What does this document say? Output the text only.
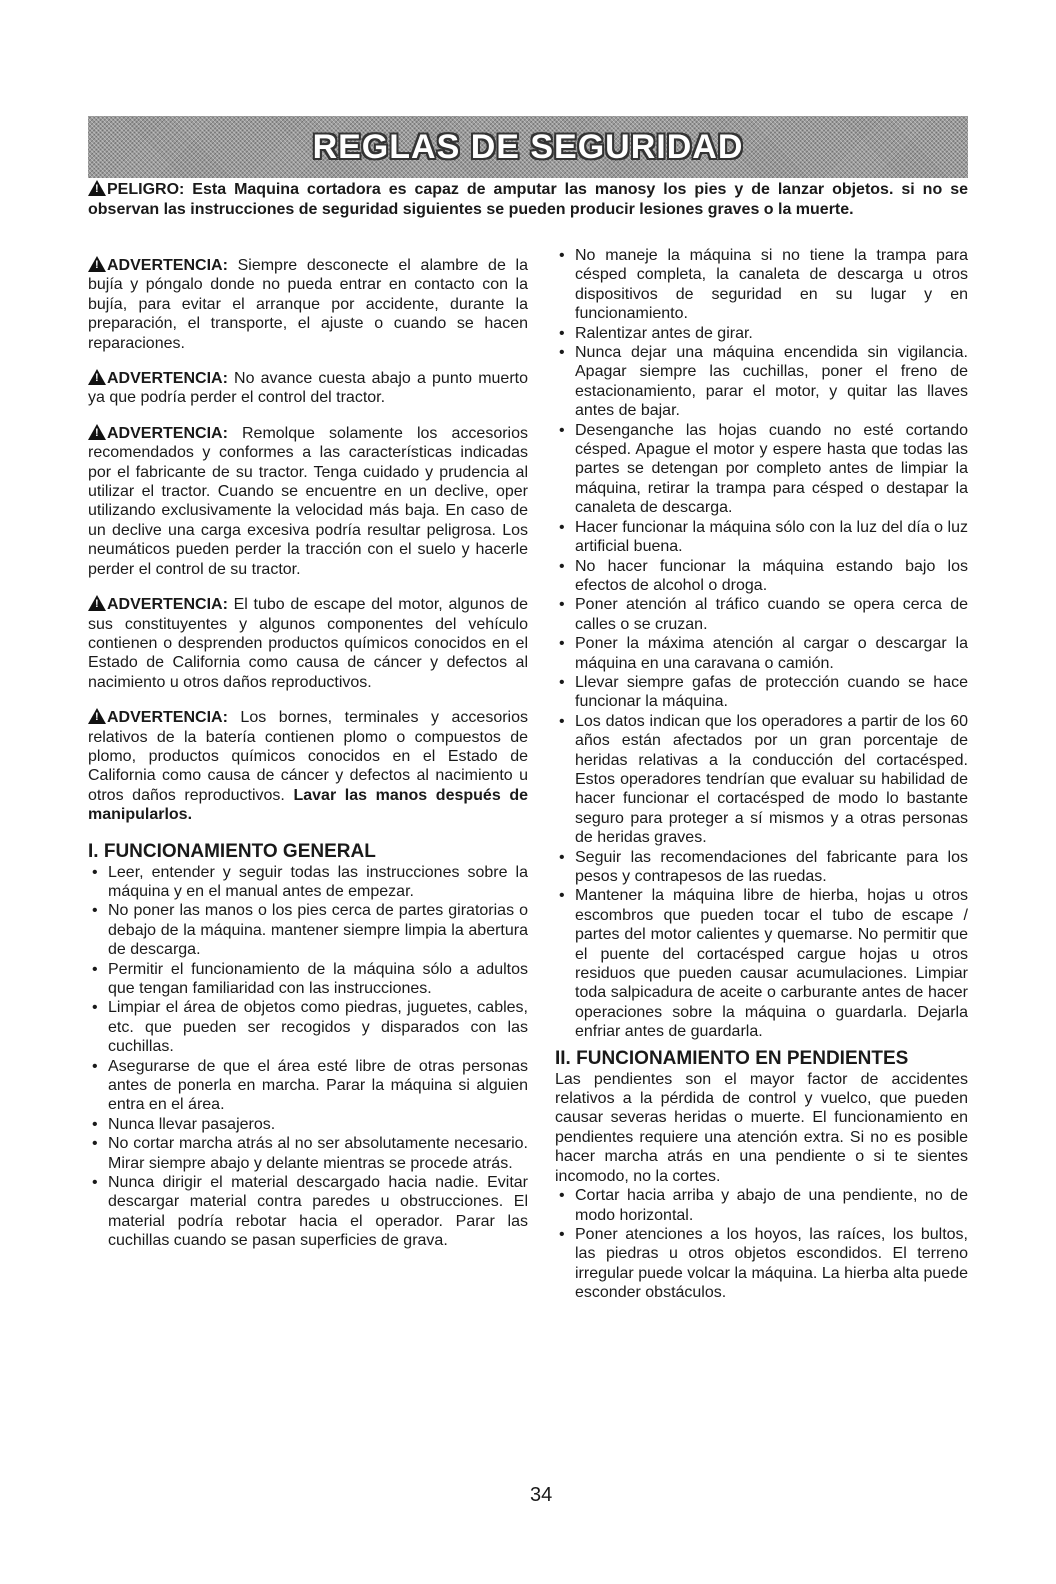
REGLAS DE SEGURIDAD
!PELIGRO: Esta Maquina cortadora es capaz de amputar las manosy los pies y de lanzar objetos. si no se observan las instrucciones de seguridad siguientes se pueden producir lesiones graves o la muerte.

!ADVERTENCIA: Siempre desconecte el alambre de la bujía y póngalo donde no pueda entrar en contacto con la bujía, para evitar el arranque por accidente, durante la preparación, el transporte, el ajuste o cuando se hacen reparaciones.

!ADVERTENCIA: No avance cuesta abajo a punto muerto ya que podría perder el control del tractor.

!ADVERTENCIA: Remolque solamente los accesorios recomendados y conformes a las características indicadas por el fabricante de su tractor. Tenga cuidado y prudencia al utilizar el tractor. Cuando se encuentre en un declive, oper utilizando exclusivamente la velocidad más baja. En caso de un declive una carga excesiva podría resultar peligrosa. Los neumáticos pueden perder la tracción con el suelo y hacerle perder el control de su tractor.

!ADVERTENCIA: El tubo de escape del motor, algunos de sus constituyentes y algunos componentes del vehículo contienen o desprenden productos químicos conocidos en el Estado de California como causa de cáncer y defectos al nacimiento u otros daños reproductivos.

!ADVERTENCIA: Los bornes, terminales y accesorios relativos de la batería contienen plomo o compuestos de plomo, productos químicos conocidos en el Estado de California como causa de cáncer y defectos al nacimiento u otros daños reproductivos. Lavar las manos después de manipularlos.

I. FUNCIONAMIENTO GENERAL
• Leer, entender y seguir todas las instrucciones sobre la máquina y en el manual antes de empezar.
• No poner las manos o los pies cerca de partes giratorias o debajo de la máquina. mantener siempre limpia la abertura de descarga.
• Permitir el funcionamiento de la máquina sólo a adultos que tengan familiaridad con las instrucciones.
• Limpiar el área de objetos como piedras, juguetes, cables, etc. que pueden ser recogidos y disparados con las cuchillas.
• Asegurarse de que el área esté libre de otras personas antes de ponerla en marcha. Parar la máquina si alguien entra en el área.
• Nunca llevar pasajeros.
• No cortar marcha atrás al no ser absolutamente necesario. Mirar siempre abajo y delante mientras se procede atrás.
• Nunca dirigir el material descargado hacia nadie. Evitar descargar material contra paredes u obstrucciones. El material podría rebotar hacia el operador. Parar las cuchillas cuando se pasan superficies de grava.
• No maneje la máquina si no tiene la trampa para césped completa, la canaleta de descarga u otros dispositivos de seguridad en su lugar y en funcionamiento.
• Ralentizar antes de girar.
• Nunca dejar una máquina encendida sin vigilancia. Apagar siempre las cuchillas, poner el freno de estacionamiento, parar el motor, y quitar las llaves antes de bajar.
• Desenganche las hojas cuando no esté cortando césped. Apague el motor y espere hasta que todas las partes se detengan por completo antes de limpiar la máquina, retirar la trampa para césped o destapar la canaleta de descarga.
• Hacer funcionar la máquina sólo con la luz del día o luz artificial buena.
• No hacer funcionar la máquina estando bajo los efectos de alcohol o droga.
• Poner atención al tráfico cuando se opera cerca de calles o se cruzan.
• Poner la máxima atención al cargar o descargar la máquina en una caravana o camión.
• Llevar siempre gafas de protección cuando se hace funcionar la máquina.
• Los datos indican que los operadores a partir de los 60 años están afectados por un gran porcentaje de heridas relativas a la conducción del cortacésped. Estos operadores tendrían que evaluar su habilidad de hacer funcionar el cortacésped de modo lo bastante seguro para proteger a sí mismos y a otras personas de heridas graves.
• Seguir las recomendaciones del fabricante para los pesos y contrapesos de las ruedas.
• Mantener la máquina libre de hierba, hojas u otros escombros que pueden tocar el tubo de escape / partes del motor calientes y quemarse. No permitir que el puente del cortacésped cargue hojas u otros residuos que pueden causar acumulaciones. Limpiar toda salpicadura de aceite o carburante antes de hacer operaciones sobre la máquina o guardarla. Dejarla enfriar antes de guardarla.
II. FUNCIONAMIENTO EN PENDIENTES

Las pendientes son el mayor factor de accidentes relativos a la pérdida de control y vuelco, que pueden causar severas heridas o muerte. El funcionamiento en pendientes requiere una atención extra. Si no es posible hacer marcha atrás en una pendiente o si te sientes incomodo, no la cortes.

• Cortar hacia arriba y abajo de una pendiente, no de modo horizontal.
• Poner atenciones a los hoyos, las raíces, los bultos, las piedras u otros objetos escondidos. El terreno irregular puede volcar la máquina. La hierba alta puede esconder obstáculos.
34
